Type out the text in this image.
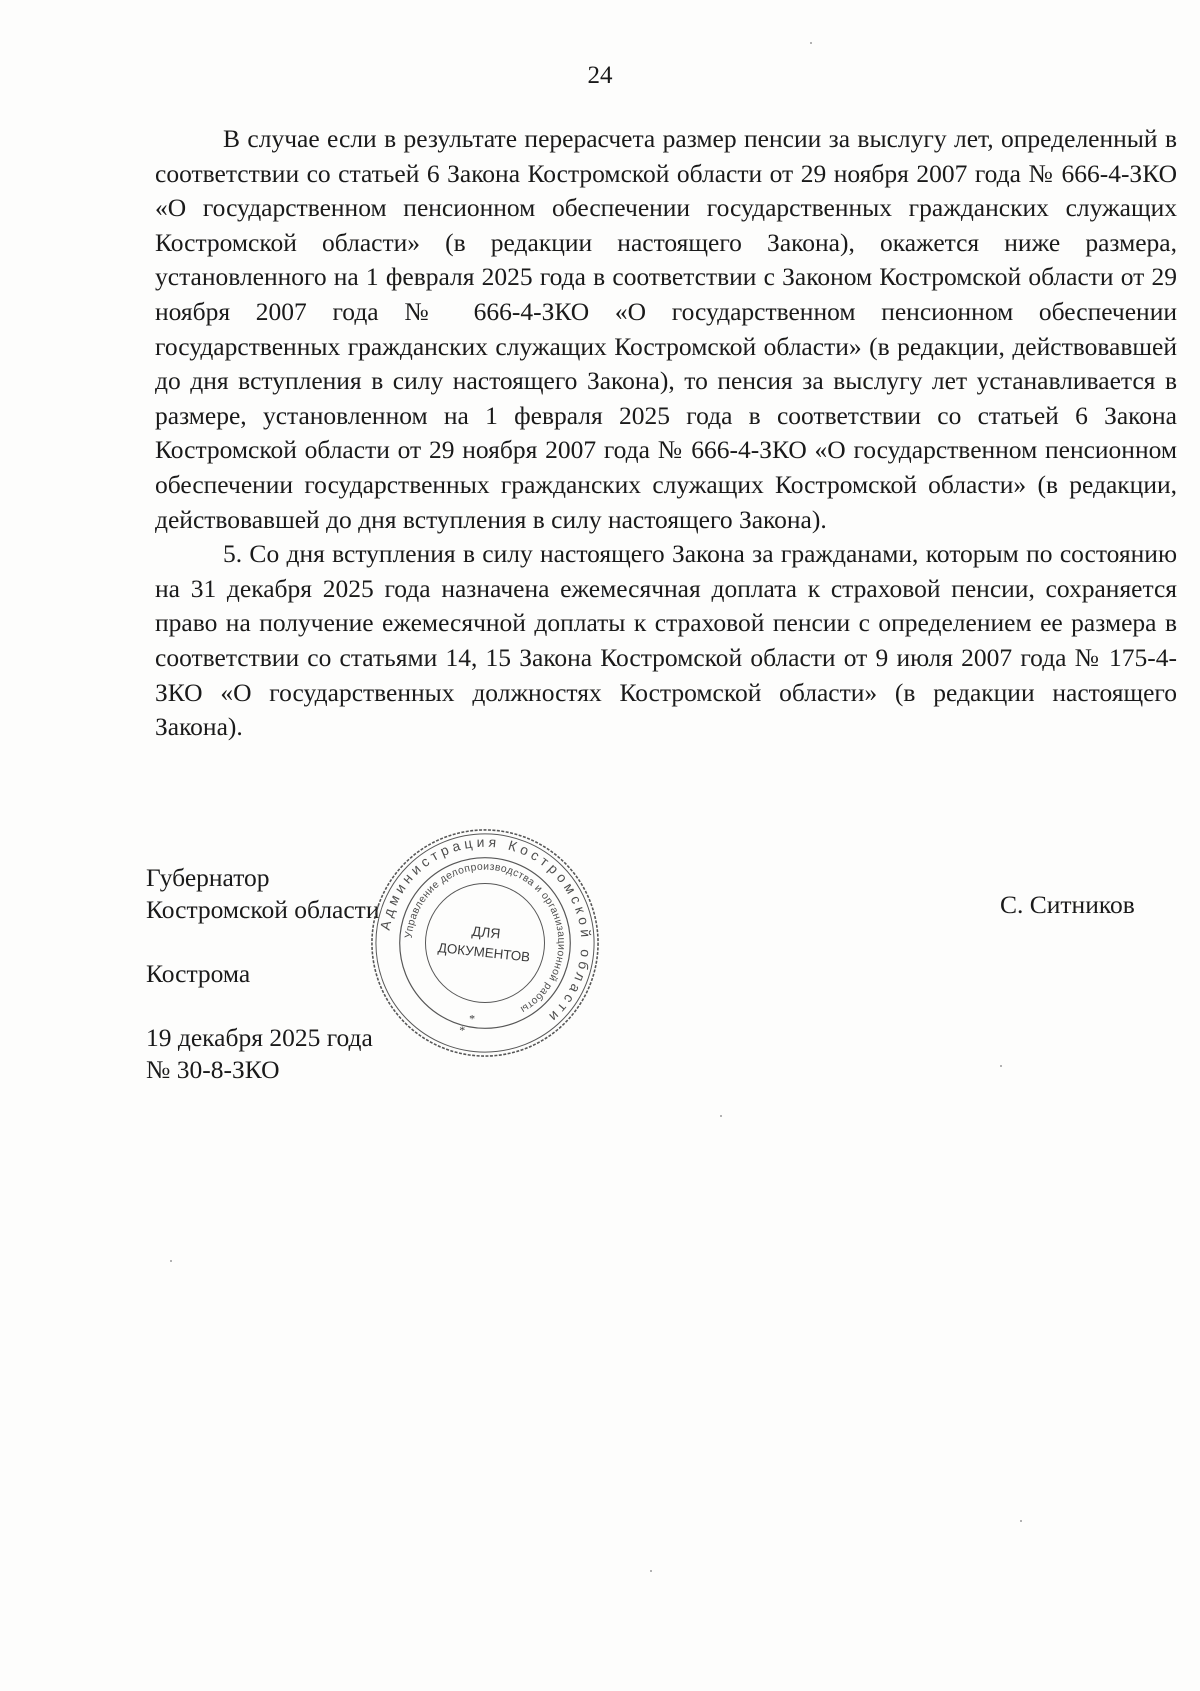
24

В случае если в результате перерасчета размер пенсии за выслугу лет, определенный в соответствии со статьей 6 Закона Костромской области от 29 ноября 2007 года № 666-4-ЗКО «О государственном пенсионном обеспечении государственных гражданских служащих Костромской области» (в редакции настоящего Закона), окажется ниже размера, установленного на 1 февраля 2025 года в соответствии с Законом Костромской области от 29 ноября 2007 года № 666-4-ЗКО «О государственном пенсионном обеспечении государственных гражданских служащих Костромской области» (в редакции, действовавшей до дня вступления в силу настоящего Закона), то пенсия за выслугу лет устанавливается в размере, установленном на 1 февраля 2025 года в соответствии со статьей 6 Закона Костромской области от 29 ноября 2007 года № 666-4-ЗКО «О государственном пенсионном обеспечении государственных гражданских служащих Костромской области» (в редакции, действовавшей до дня вступления в силу настоящего Закона).

5. Со дня вступления в силу настоящего Закона за гражданами, которым по состоянию на 31 декабря 2025 года назначена ежемесячная доплата к страховой пенсии, сохраняется право на получение ежемесячной доплаты к страховой пенсии с определением ее размера в соответствии со статьями 14, 15 Закона Костромской области от 9 июля 2007 года № 175-4-ЗКО «О государственных должностях Костромской области» (в редакции настоящего Закона).

Губернатор
Костромской области
Кострома
19 декабря 2025 года
№ 30-8-ЗКО
С. Ситников
Администрация Костромской области
Управление делопроизводства и организационной работы
ДЛЯ
ДОКУМЕНТОВ
*
*
